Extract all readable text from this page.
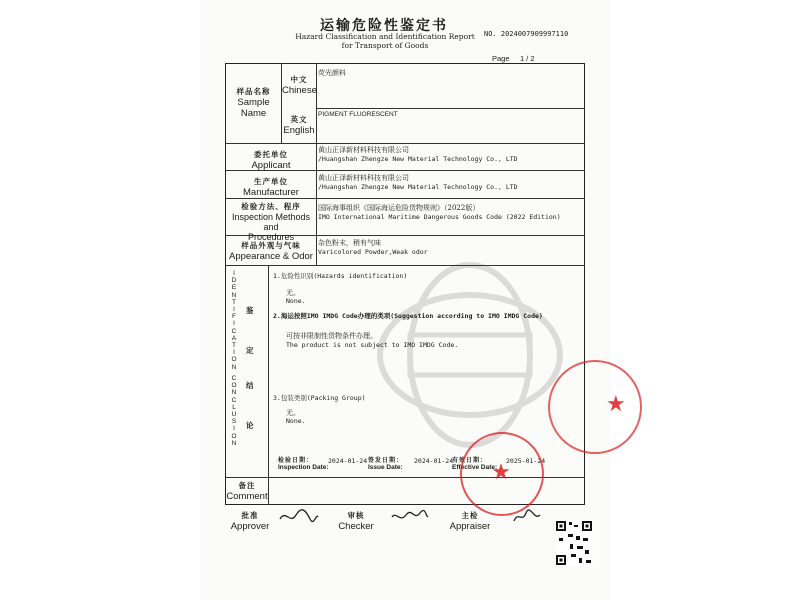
运输危险性鉴定书
Hazard Classification and Identification Report
for Transport of Goods
NO. 2024007909997110
Page 1 / 2
样品名称
Sample Name
中文
Chinese
荧光颜料
英文
English
PIGMENT FLUORESCENT
委托单位
Applicant
黄山正泽新材料科技有限公司
/Huangshan Zhengze New Material Technology Co., LTD
生产单位
Manufacturer
黄山正泽新材料科技有限公司
/Huangshan Zhengze New Material Technology Co., LTD
检验方法、程序
Inspection Methods and
Procedures
国际海事组织《国际海运危险货物规则》（2022版）
IMO International Maritime Dangerous Goods Code (2022 Edition)
样品外观与气味
Appearance & Odor
杂色粉末，稍有气味
Varicolored Powder,Weak odor
I
D
E
N
T
I
F
I
C
A
T
I
O
N
C
O
N
C
L
U
S
I
O
N
鉴
定
结
论
1.危险性识别(Hazards identification)
无。
None.
2.海运按照IMO IMDG Code办理的类项(Suggestion according to IMO IMDG Code)
可按非限制性货物条件办理。
The product is not subject to IMO IMDG Code.
3.包装类别(Packing Group)
无。
None.
检验日期：
Inspection Date:
2024-01-24 签发日期：
Issue Date:
2024-01-24
有效日期：
Effective Date:
2025-01-24
备注
Comment
批准
Approver
审核
Checker
主检
Appraiser
★
★
